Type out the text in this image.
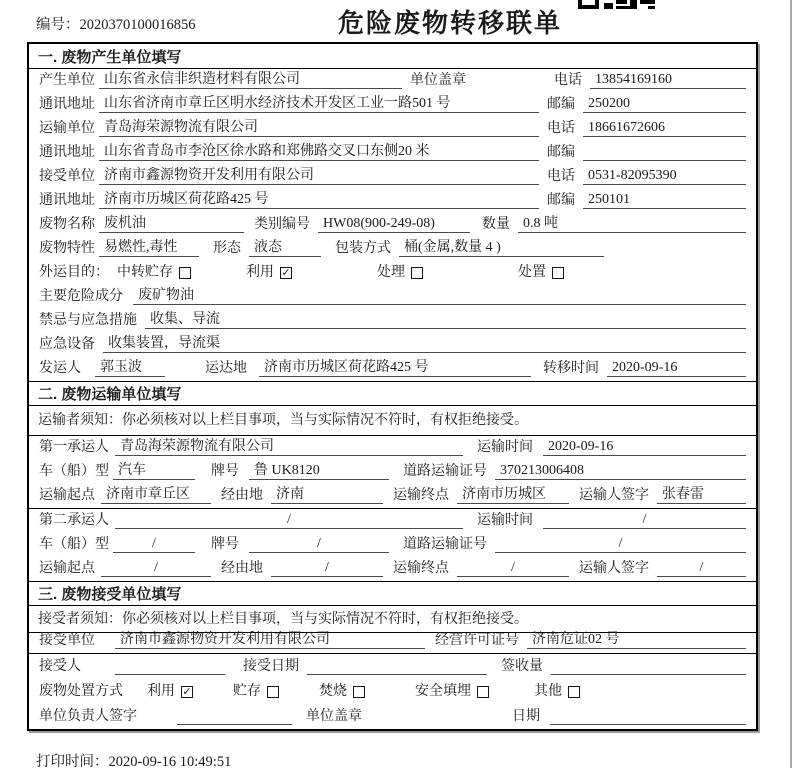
编号：2020370100016856	危险废物转移联单
一. 废物产生单位填写
产生单位 山东省永信非织造材料有限公司	单位盖章	电话 13854169160
通讯地址 山东省济南市章丘区明水经济技术开发区工业一路501 号	邮编 250200
运输单位 青岛海荣源物流有限公司	电话 18661672606
通讯地址 山东省青岛市李沧区徐水路和郑佛路交叉口东侧20 米	邮编
接受单位 济南市鑫源物资开发利用有限公司	电话 0531-82095390
通讯地址 济南市历城区荷花路425 号	邮编 250101
废物名称 废机油	类别编号 HW08(900-249-08)	数量 0.8 吨
废物特性 易燃性,毒性	形态 液态	包装方式 桶(金属,数量 4 )
外运目的： 中转贮存	利用 ✓	处理	处置
主要危险成分	废矿物油
禁忌与应急措施 收集、导流
应急设备 收集装置，导流渠
发运人	郭玉波	运达地	济南市历城区荷花路425 号	转移时间 2020-09-16
二. 废物运输单位填写
运输者须知：你必须核对以上栏目事项，当与实际情况不符时，有权拒绝接受。
第一承运人 青岛海荣源物流有限公司	运输时间	2020-09-16
车（船）型 汽车	牌号	鲁 UK8120	道路运输证号 370213006408
运输起点 济南市章丘区	经由地 济南	运输终点 济南市历城区	运输人签字 张春雷
第二承运人	/	运输时间	/
车（船）型	/	牌号	/	道路运输证号	/
运输起点	/	经由地	/	运输终点	/	运输人签字	/
三. 废物接受单位填写
接受者须知：你必须核对以上栏目事项，当与实际情况不符时，有权拒绝接受。
接受单位	济南市鑫源物资开发利用有限公司	经营许可证号 济南危证02 号
接受人	接受日期	签收量
废物处置方式 利用 ✓	贮存	焚烧	安全填埋	其他
单位负责人签字	单位盖章	日期
打印时间：2020-09-16 10:49:51
